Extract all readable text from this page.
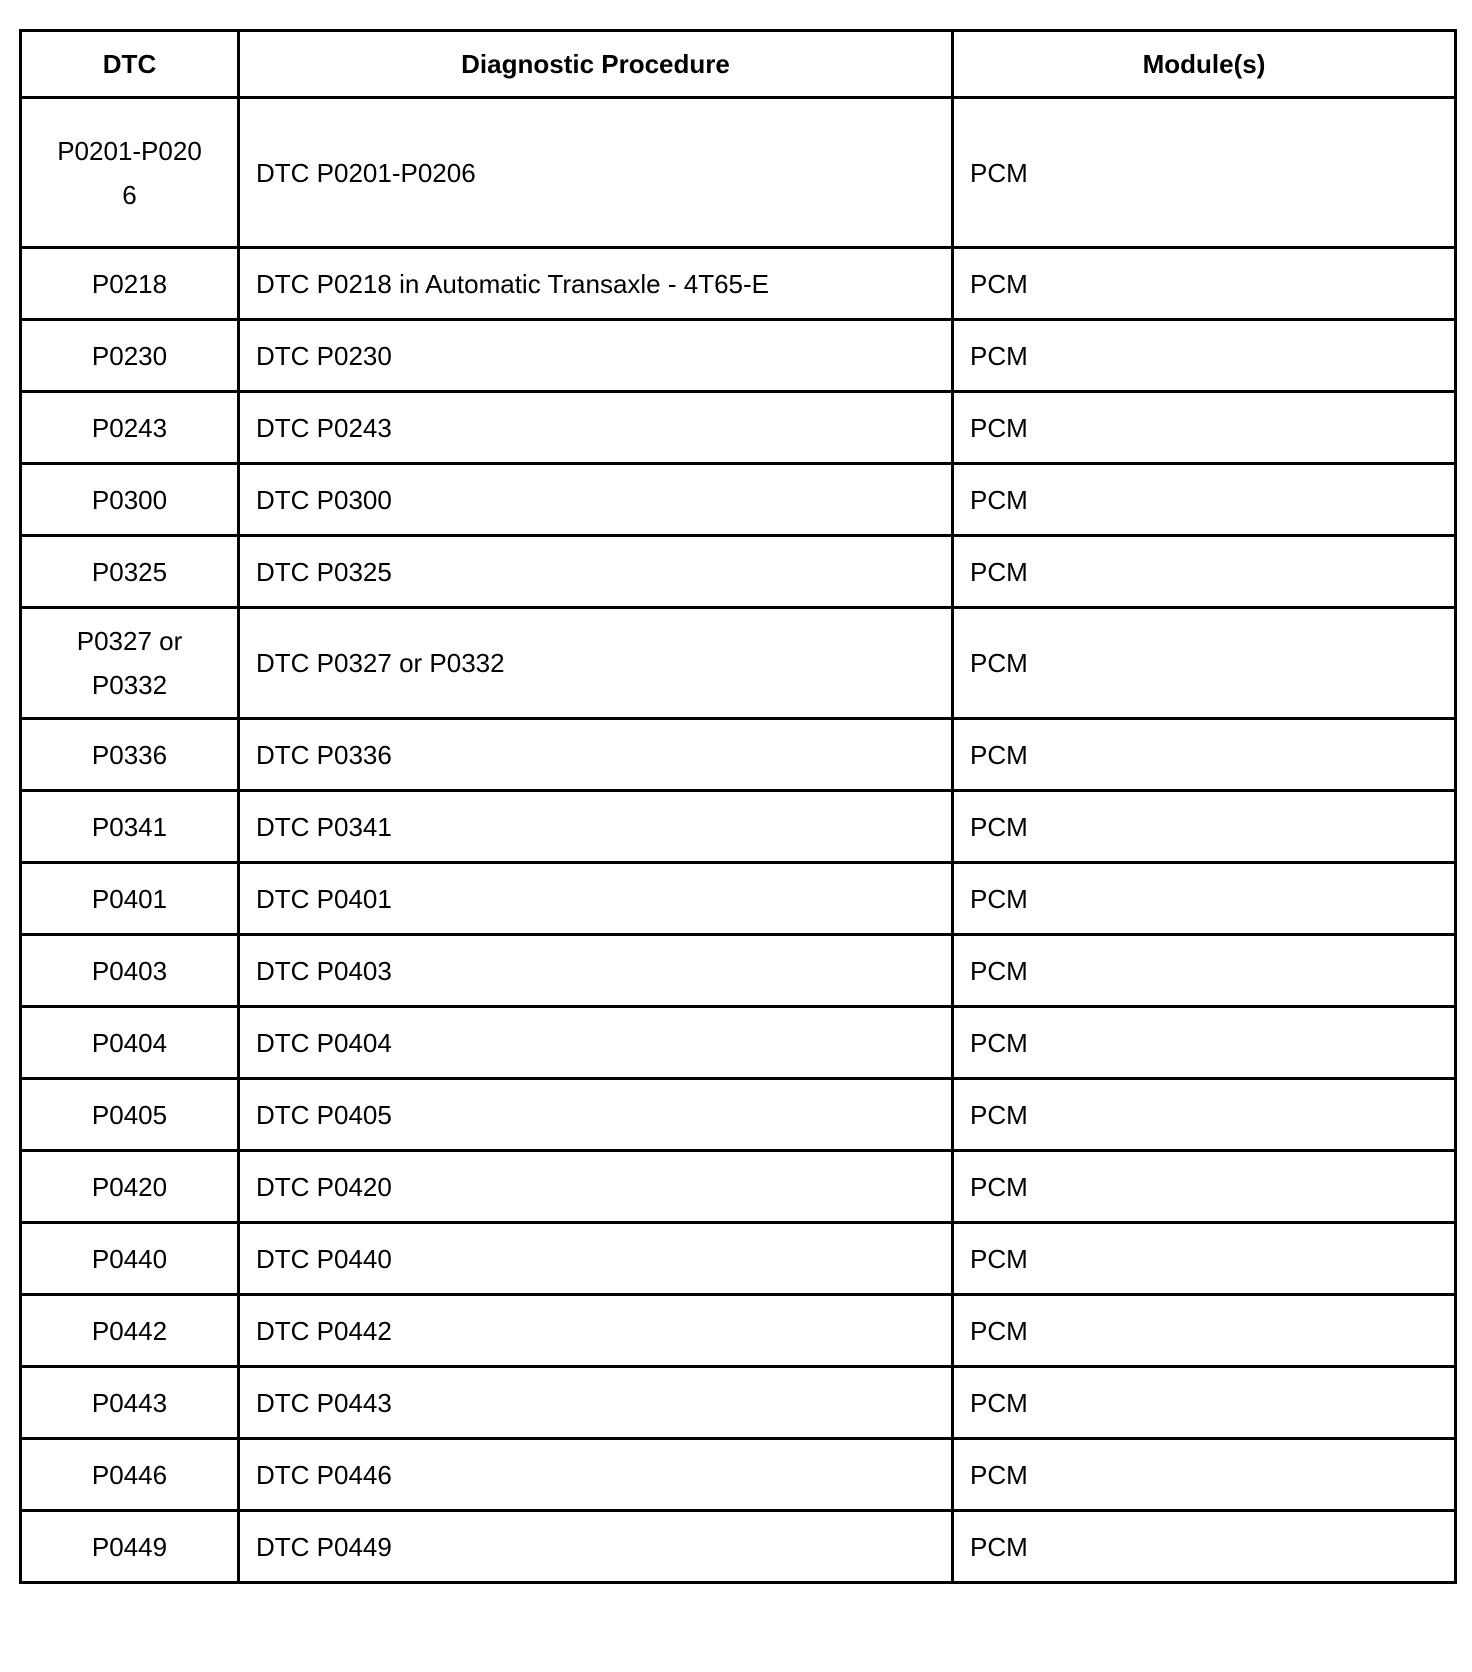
DTC	Diagnostic Procedure	Module(s)
P0201-P0206	DTC P0201-P0206	PCM
P0218	DTC P0218 in Automatic Transaxle - 4T65-E	PCM
P0230	DTC P0230	PCM
P0243	DTC P0243	PCM
P0300	DTC P0300	PCM
P0325	DTC P0325	PCM
P0327 or P0332	DTC P0327 or P0332	PCM
P0336	DTC P0336	PCM
P0341	DTC P0341	PCM
P0401	DTC P0401	PCM
P0403	DTC P0403	PCM
P0404	DTC P0404	PCM
P0405	DTC P0405	PCM
P0420	DTC P0420	PCM
P0440	DTC P0440	PCM
P0442	DTC P0442	PCM
P0443	DTC P0443	PCM
P0446	DTC P0446	PCM
P0449	DTC P0449	PCM
